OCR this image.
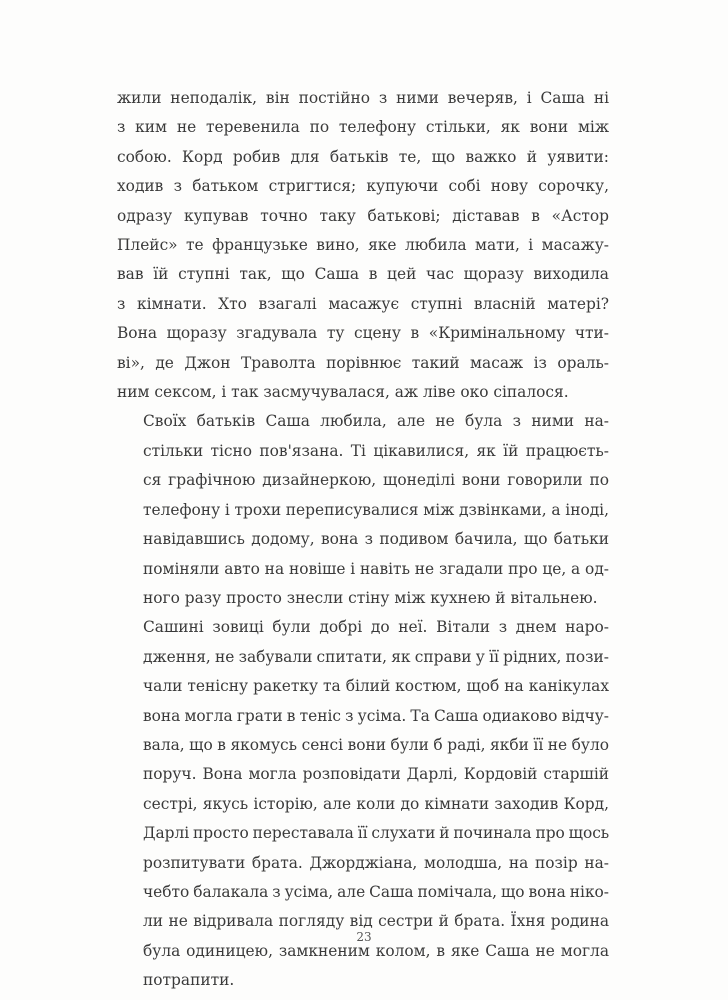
жили неподалік, він постійно з ними вечеряв, і Саша ні
з ким не теревенила по телефону стільки, як вони між
собою. Корд робив для батьків те, що важко й уявити:
ходив з батьком стригтися; купуючи собі нову сорочку,
одразу купував точно таку батькові; діставав в «Астор
Плейс» те французьке вино, яке любила мати, і масажу-
вав їй ступні так, що Саша в цей час щоразу виходила
з кімнати. Хто взагалі масажує ступні власній матері?
Вона щоразу згадувала ту сцену в «Кримінальному чти-
ві», де Джон Траволта порівнює такий масаж із ораль-
ним сексом, і так засмучувалася, аж ліве око сіпалося.

Своїх батьків Саша любила, але не була з ними на-
стільки тісно пов'язана. Ті цікавилися, як їй працюєть-
ся графічною дизайнеркою, щонеділі вони говорили по
телефону і трохи переписувалися між дзвінками, а іноді,
навідавшись додому, вона з подивом бачила, що батьки
поміняли авто на новіше і навіть не згадали про це, а од-
ного разу просто знесли стіну між кухнею й вітальнею.

Сашині зовиці були добрі до неї. Вітали з днем наро-
дження, не забували спитати, як справи у її рідних, пози-
чали тенісну ракетку та білий костюм, щоб на канікулах
вона могла грати в теніс з усіма. Та Саша одиаково відчу-
вала, що в якомусь сенсі вони були б раді, якби її не було
поруч. Вона могла розповідати Дарлі, Кордовій старшій
сестрі, якусь історію, але коли до кімнати заходив Корд,
Дарлі просто переставала її слухати й починала про щось
розпитувати брата. Джорджіана, молодша, на позір на-
чебто балакала з усіма, але Саша помічала, що вона ніко-
ли не відривала погляду від сестри й брата. Їхня родина
була одиницею, замкненим колом, в яке Саша не могла
потрапити.

23
